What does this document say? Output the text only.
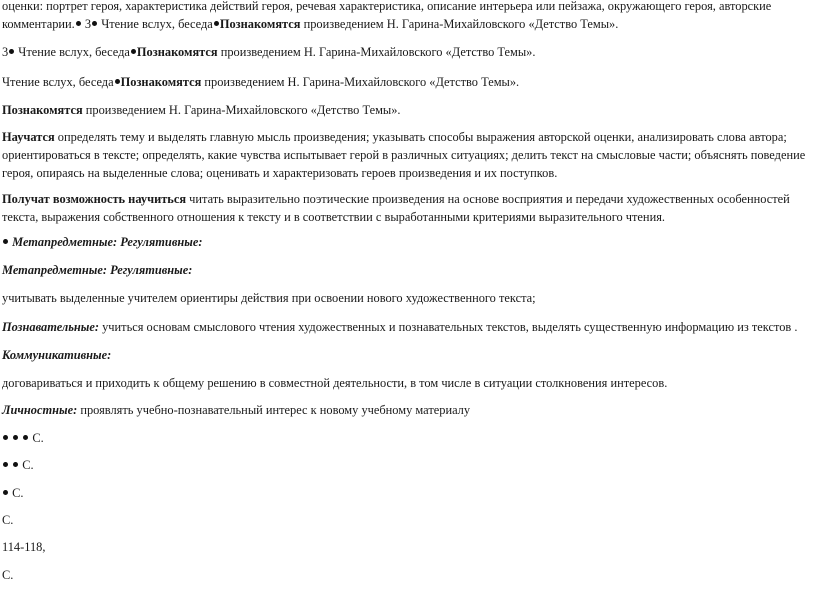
оценки: портрет героя, характеристика действий героя, речевая характеристика, описание интерьера или пейзажа, окружающего героя, авторские комментарии. 3 Чтение вслух, беседа Познакомятся произведением Н. Гарина-Михайловского «Детство Темы».

3 Чтение вслух, беседа Познакомятся произведением Н. Гарина-Михайловского «Детство Темы».

Чтение вслух, беседа Познакомятся произведением Н. Гарина-Михайловского «Детство Темы».

Познакомятся произведением Н. Гарина-Михайловского «Детство Темы».

Научатся определять тему и выделять главную мысль произведения; указывать способы выражения авторской оценки, анализировать слова автора; ориентироваться в тексте; определять, какие чувства испытывает герой в различных ситуациях; делить текст на смысловые части; объяснять поведение героя, опираясь на выделенные слова; оценивать и характеризовать героев произведения и их поступков.

Получат возможность научиться читать выразительно поэтические произведения на основе восприятия и передачи художественных особенностей текста, выражения собственного отношения к тексту и в соответствии с выработанными критериями выразительного чтения.

Метапредметные: Регулятивные:

Метапредметные: Регулятивные:

учитывать выделенные учителем ориентиры действия при освоении нового художественного текста;

Познавательные: учиться основам смыслового чтения художественных и познавательных текстов, выделять существенную информацию из текстов .

Коммуникативные:

договариваться и приходить к общему решению в совместной деятельности, в том числе в ситуации столкновения интересов.

Личностные: проявлять учебно-познавательный интерес к новому учебному материалу

С.

С.

С.

С.

114-118,

С.
